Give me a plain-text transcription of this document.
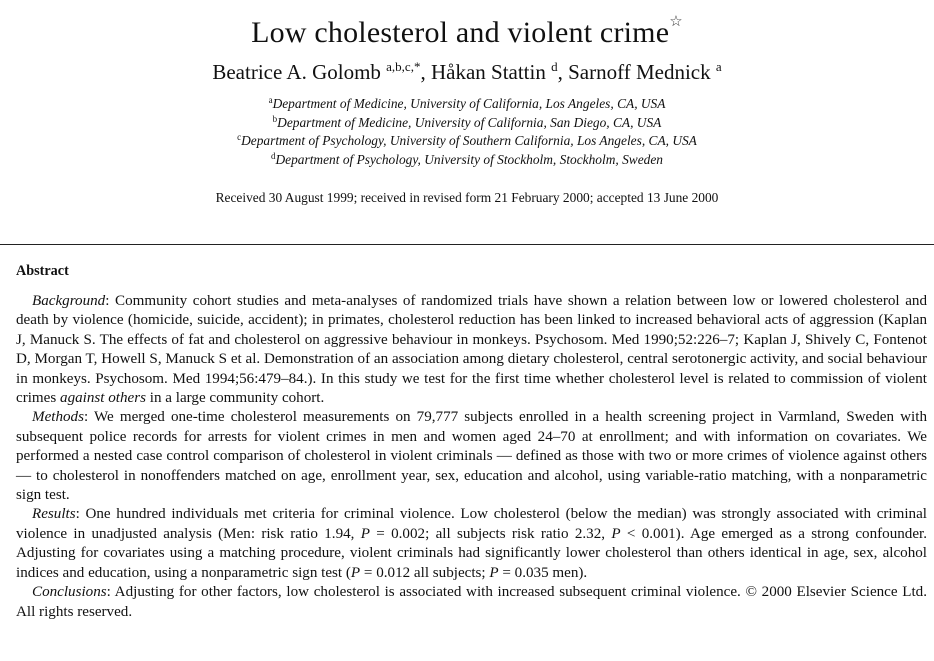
Low cholesterol and violent crime☆
Beatrice A. Golomb $^{a,b,c,*}$, Håkan Stattin $^d$, Sarnoff Mednick $^a$
$^a$Department of Medicine, University of California, Los Angeles, CA, USA
$^b$Department of Medicine, University of California, San Diego, CA, USA
$^c$Department of Psychology, University of Southern California, Los Angeles, CA, USA
$^d$Department of Psychology, University of Stockholm, Stockholm, Sweden
Received 30 August 1999; received in revised form 21 February 2000; accepted 13 June 2000
Abstract

Background: Community cohort studies and meta-analyses of randomized trials have shown a relation between low or lowered cholesterol and death by violence (homicide, suicide, accident); in primates, cholesterol reduction has been linked to increased behavioral acts of aggression (Kaplan J, Manuck S. The effects of fat and cholesterol on aggressive behaviour in monkeys. Psychosom. Med 1990;52:226–7; Kaplan J, Shively C, Fontenot D, Morgan T, Howell S, Manuck S et al. Demonstration of an association among dietary cholesterol, central serotonergic activity, and social behaviour in monkeys. Psychosom. Med 1994;56:479–84.). In this study we test for the first time whether cholesterol level is related to commission of violent crimes against others in a large community cohort.

Methods: We merged one-time cholesterol measurements on 79,777 subjects enrolled in a health screening project in Varmland, Sweden with subsequent police records for arrests for violent crimes in men and women aged 24–70 at enrollment; and with information on covariates. We performed a nested case control comparison of cholesterol in violent criminals — defined as those with two or more crimes of violence against others — to cholesterol in nonoffenders matched on age, enrollment year, sex, education and alcohol, using variable-ratio matching, with a nonparametric sign test.

Results: One hundred individuals met criteria for criminal violence. Low cholesterol (below the median) was strongly associated with criminal violence in unadjusted analysis (Men: risk ratio 1.94, P = 0.002; all subjects risk ratio 2.32, P < 0.001). Age emerged as a strong confounder. Adjusting for covariates using a matching procedure, violent criminals had significantly lower cholesterol than others identical in age, sex, alcohol indices and education, using a nonparametric sign test (P = 0.012 all subjects; P = 0.035 men).

Conclusions: Adjusting for other factors, low cholesterol is associated with increased subsequent criminal violence. © 2000 Elsevier Science Ltd. All rights reserved.
